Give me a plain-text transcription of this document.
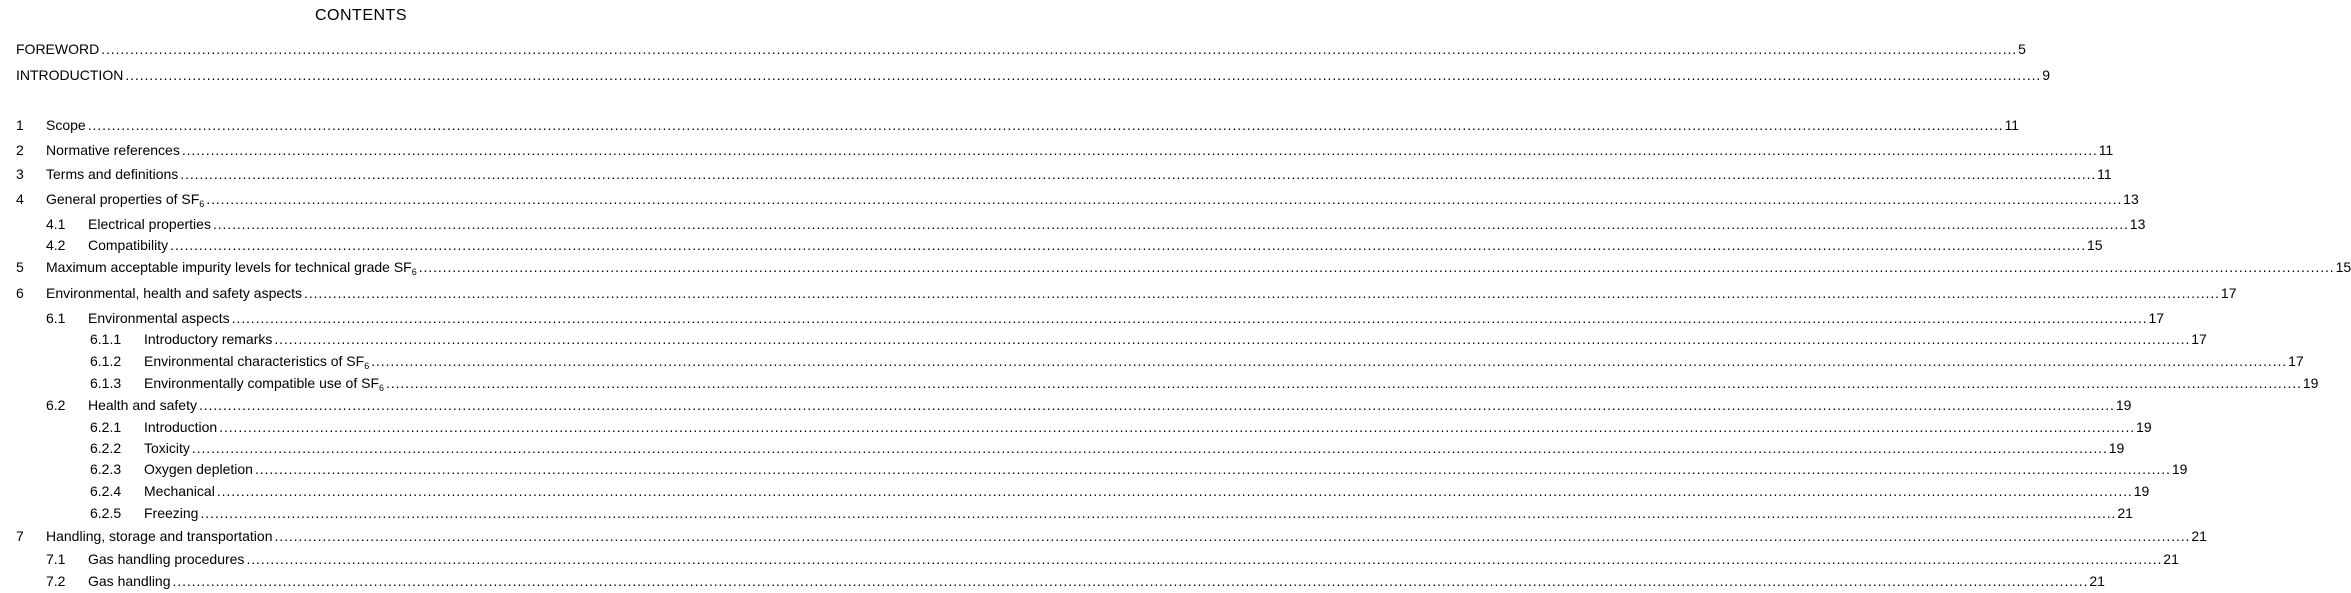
CONTENTS
FOREWORD ................................................................................................................................................................................................................................................................................................................................................................................................................ 5
INTRODUCTION ................................................................................................................................................................................................................................................................................................................................................................................................................ 9
1 Scope ................................................................................................................................................................................................................................................................................................................................................................................................................ 11
2 Normative references ................................................................................................................................................................................................................................................................................................................................................................................................................ 11
3 Terms and definitions ................................................................................................................................................................................................................................................................................................................................................................................................................ 11
4 General properties of $SF_6$ ................................................................................................................................................................................................................................................................................................................................................................................................................ 13
4.1 Electrical properties ................................................................................................................................................................................................................................................................................................................................................................................................................ 13
4.2 Compatibility ................................................................................................................................................................................................................................................................................................................................................................................................................ 15
5 Maximum acceptable impurity levels for technical grade $SF_6$ ................................................................................................................................................................................................................................................................................................................................................................................................................ 15
6 Environmental, health and safety aspects ................................................................................................................................................................................................................................................................................................................................................................................................................ 17
6.1 Environmental aspects ................................................................................................................................................................................................................................................................................................................................................................................................................ 17
6.1.1 Introductory remarks ................................................................................................................................................................................................................................................................................................................................................................................................................ 17
6.1.2 Environmental characteristics of $SF_6$ ................................................................................................................................................................................................................................................................................................................................................................................................................ 17
6.1.3 Environmentally compatible use of $SF_6$ ................................................................................................................................................................................................................................................................................................................................................................................................................ 19
6.2 Health and safety ................................................................................................................................................................................................................................................................................................................................................................................................................ 19
6.2.1 Introduction ................................................................................................................................................................................................................................................................................................................................................................................................................ 19
6.2.2 Toxicity ................................................................................................................................................................................................................................................................................................................................................................................................................ 19
6.2.3 Oxygen depletion ................................................................................................................................................................................................................................................................................................................................................................................................................ 19
6.2.4 Mechanical ................................................................................................................................................................................................................................................................................................................................................................................................................ 19
6.2.5 Freezing ................................................................................................................................................................................................................................................................................................................................................................................................................ 21
7 Handling, storage and transportation ................................................................................................................................................................................................................................................................................................................................................................................................................ 21
7.1 Gas handling procedures ................................................................................................................................................................................................................................................................................................................................................................................................................ 21
7.2 Gas handling ................................................................................................................................................................................................................................................................................................................................................................................................................ 21
